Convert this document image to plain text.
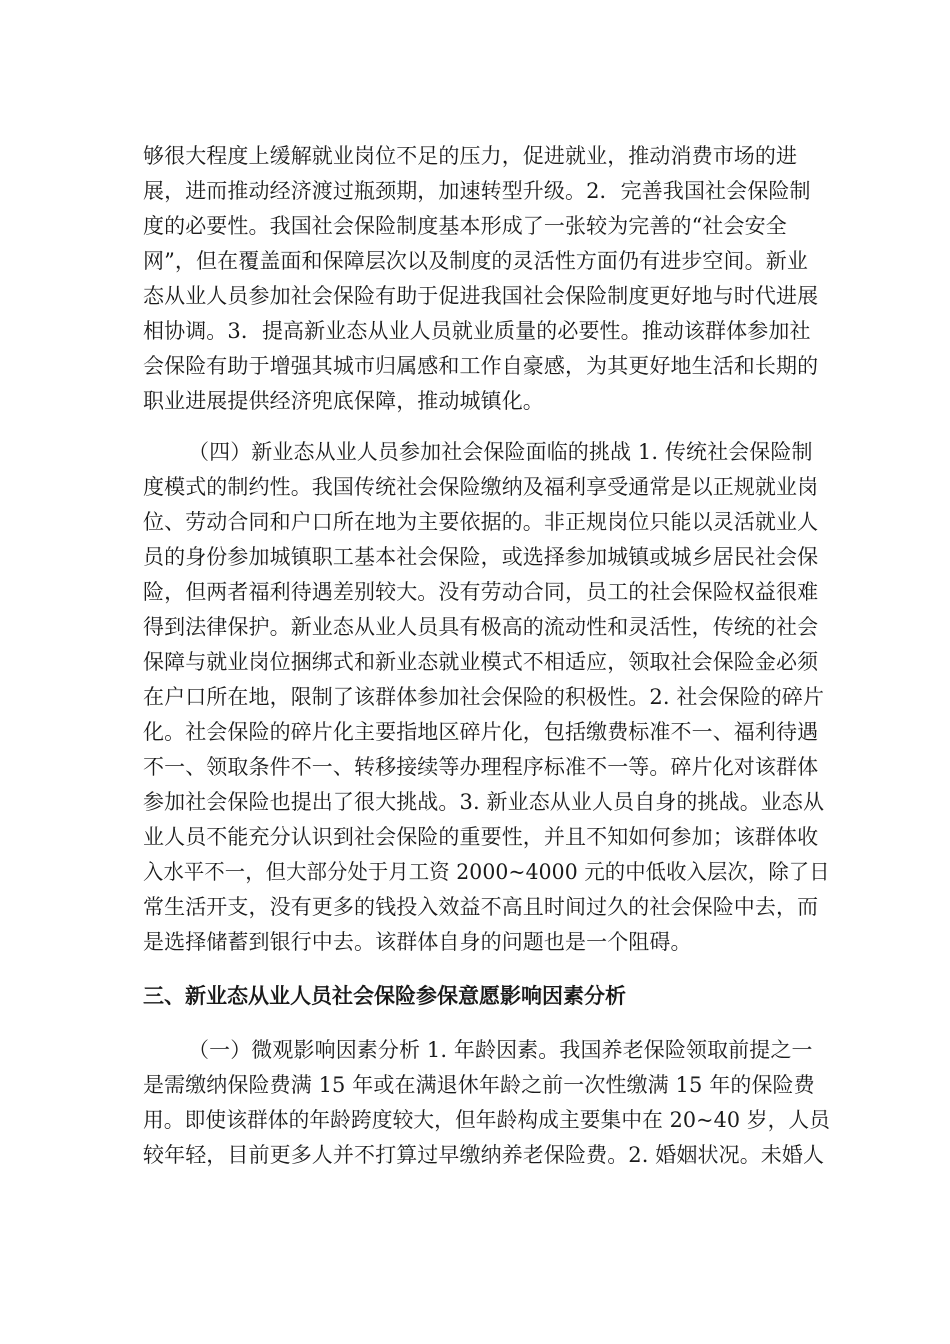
够很大程度上缓解就业岗位不足的压力，促进就业，推动消费市场的进
展，进而推动经济渡过瓶颈期，加速转型升级。2．完善我国社会保险制
度的必要性。我国社会保险制度基本形成了一张较为完善的“社会安全
网”，但在覆盖面和保障层次以及制度的灵活性方面仍有进步空间。新业
态从业人员参加社会保险有助于促进我国社会保险制度更好地与时代进展
相协调。3．提高新业态从业人员就业质量的必要性。推动该群体参加社
会保险有助于增强其城市归属感和工作自豪感，为其更好地生活和长期的
职业进展提供经济兜底保障，推动城镇化。
（四）新业态从业人员参加社会保险面临的挑战 1. 传统社会保险制
度模式的制约性。我国传统社会保险缴纳及福利享受通常是以正规就业岗
位、劳动合同和户口所在地为主要依据的。非正规岗位只能以灵活就业人
员的身份参加城镇职工基本社会保险，或选择参加城镇或城乡居民社会保
险，但两者福利待遇差别较大。没有劳动合同，员工的社会保险权益很难
得到法律保护。新业态从业人员具有极高的流动性和灵活性，传统的社会
保障与就业岗位捆绑式和新业态就业模式不相适应，领取社会保险金必须
在户口所在地，限制了该群体参加社会保险的积极性。2. 社会保险的碎片
化。社会保险的碎片化主要指地区碎片化，包括缴费标准不一、福利待遇
不一、领取条件不一、转移接续等办理程序标准不一等。碎片化对该群体
参加社会保险也提出了很大挑战。3. 新业态从业人员自身的挑战。业态从
业人员不能充分认识到社会保险的重要性，并且不知如何参加；该群体收
入水平不一，但大部分处于月工资 2000~4000 元的中低收入层次，除了日
常生活开支，没有更多的钱投入效益不高且时间过久的社会保险中去，而
是选择储蓄到银行中去。该群体自身的问题也是一个阻碍。
三、新业态从业人员社会保险参保意愿影响因素分析
（一）微观影响因素分析 1. 年龄因素。我国养老保险领取前提之一
是需缴纳保险费满 15 年或在满退休年龄之前一次性缴满 15 年的保险费
用。即使该群体的年龄跨度较大，但年龄构成主要集中在 20~40 岁，人员
较年轻，目前更多人并不打算过早缴纳养老保险费。2. 婚姻状况。未婚人
